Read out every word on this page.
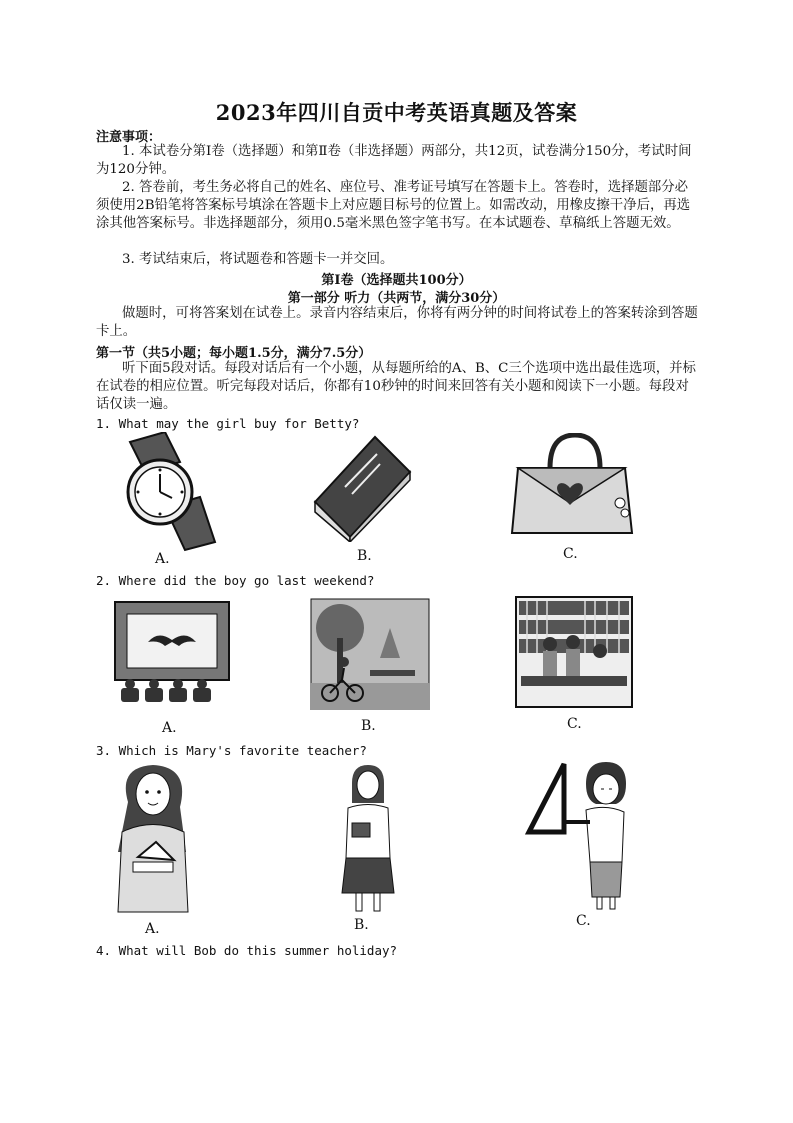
2023年四川自贡中考英语真题及答案
注意事项：
1. 本试卷分第Ⅰ卷（选择题）和第Ⅱ卷（非选择题）两部分，共12页，试卷满分150分，考试时间为120分钟。
2. 答卷前，考生务必将自己的姓名、座位号、准考证号填写在答题卡上。答卷时，选择题部分必须使用2B铅笔将答案标号填涂在答题卡上对应题目标号的位置上。如需改动，用橡皮擦干净后，再选涂其他答案标号。非选择题部分，须用0.5毫米黑色签字笔书写。在本试题卷、草稿纸上答题无效。
3. 考试结束后，将试题卷和答题卡一并交回。
第Ⅰ卷（选择题共100分）
第一部分 听力（共两节，满分30分）
做题时，可将答案划在试卷上。录音内容结束后，你将有两分钟的时间将试卷上的答案转涂到答题卡上。
第一节（共5小题；每小题1.5分，满分7.5分）
听下面5段对话。每段对话后有一个小题，从每题所给的A、B、C三个选项中选出最佳选项，并标在试卷的相应位置。听完每段对话后，你都有10秒钟的时间来回答有关小题和阅读下一小题。每段对话仅读一遍。
1. What may the girl buy for Betty?
A.	B.	C.
2. Where did the boy go last weekend?
A.	B.	C.
3. Which is Mary's favorite teacher?
A.	B.	C.
4. What will Bob do this summer holiday?
